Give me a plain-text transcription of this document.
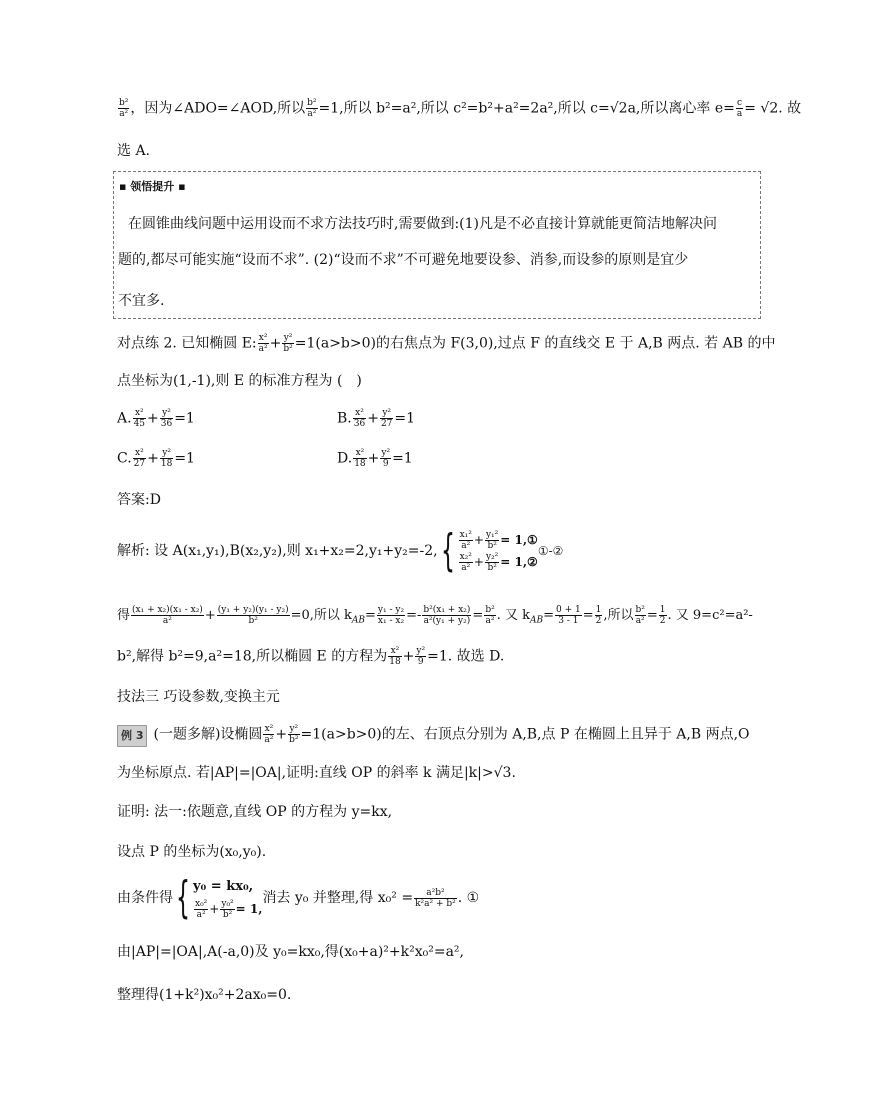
$\frac{\text{b²}}{\text{a²}}$ ，因为∠ADO=∠AOD,所以 $\frac{\text{b²}}{\text{a²}} =1$,所以 b²=a²,所以 c²=b²+a²=2a²,所以 c=√2a,所以离心率 $e= \frac{c}{a} = √2$. 故
选 A.
▪ 领悟提升 ▪
在圆锥曲线问题中运用设而不求方法技巧时,需要做到:(1)凡是不必直接计算就能更简洁地解决问
题的,都尽可能实施“设而不求”. (2)“设而不求”不可避免地要设参、消参,而设参的原则是宜少
不宜多.
对点练 2. 已知椭圆 E: $\frac{\text{x²}}{\text{a²}} + \frac{\text{y²}}{\text{b²}} =1(a>b>0)$的右焦点为 F(3,0),过点 F 的直线交 E 于 A,B 两点. 若 AB 的中
点坐标为(1,-1),则 E 的标准方程为 (　)
A. $\frac{\text{x²}}{45} + \frac{\text{y²}}{36} =1$	B. $\frac{\text{x²}}{36} + \frac{\text{y²}}{27} =1$
C. $\frac{\text{x²}}{27} + \frac{\text{y²}}{18} =1$	D. $\frac{\text{x²}}{18} + \frac{\text{y²}}{9} =1$
答案:D
解析: 设 A(x₁,y₁),B(x₂,y₂),则 $x_1+x_2=2,y_1+y_2=-2,\{ \frac{\text{x₁²}}{\text{a²}} + \frac{\text{y₁²}}{\text{b²}}$ = 1,①
$\frac{\text{x₂²}}{\text{a²}} + \frac{\text{y₂²}}{\text{b²}}$ = 1,②
①-②
得 $\frac{\text{(x₁ + x₂)(x₁ - x₂)}}{\text{a²}} + \frac{\text{(y₁ + y₂)(y₁ - y₂)}}{\text{b²}} =0$,所以 $k_{AB}= \frac{\text{y₁ - y₂}}{\text{x₁ - x₂}} =- \frac{\text{b²(x₁ + x₂)}}{\text{a²(y₁ + y₂)}} = \frac{\text{b²}}{\text{a²}}$ . 又 $k_{AB}= \frac{0 + 1}{3 - 1} = \frac{1}{2}$ ,所以 $\frac{\text{b²}}{\text{a²}} = \frac{1}{2}$ . 又 9=c²=a²-
b²,解得 b²=9,a²=18,所以椭圆 E 的方程为 $\frac{\text{x²}}{18} + \frac{\text{y²}}{9} =1$. 故选 D.
技法三 巧设参数,变换主元
例 3 (一题多解)设椭圆 $\frac{\text{x²}}{\text{a²}} + \frac{\text{y²}}{\text{b²}} =1(a>b>0)$的左、右顶点分别为 A,B,点 P 在椭圆上且异于 A,B 两点,O
为坐标原点. 若|AP|=|OA|,证明:直线 OP 的斜率 k 满足|k|>√3.
证明: 法一:依题意,直线 OP 的方程为 y=kx,
设点 P 的坐标为(x₀,y₀).
由条件得{ y₀ = kx₀,
$\frac{\text{x₀²}}{\text{a²}} + \frac{\text{y₀²}}{\text{b²}} = 1$,
消去 y₀ 并整理,得 $x_0^2 = \frac{\text{a²b²}}{\text{k²a² + b²}}$ . ①
由|AP|=|OA|,A(-a,0)及 y₀=kx₀,得(x₀+a)²+k²x₀²=a²,
整理得(1+k²)x₀²+2ax₀=0.
